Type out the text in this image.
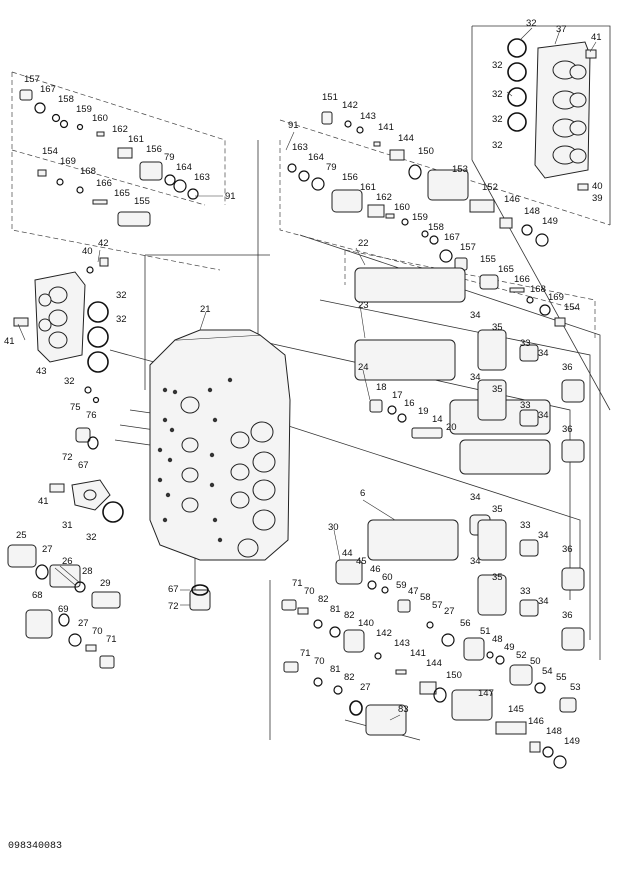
32
37
41
32
32
32
32
157
167
158
159
160
162
161
156
79
164
163
91
154
169
168
166
165
155
151
142
143
141
144
150
153
91
163
164
79
156
161
162
160
159
158
167
157
152
146
148
149
40
39
155
165
166
168
169
154
40
42
32
32
41
43
32
21
22
23
34
35
33
34
36
24
34
35
33
34
36
75
76
18
17
16
19
14
20
72
67
6	34
35
33
34
36
41
31
32
30
44
45
46
60
59
47
58
57
27
34
35
33
34
36
25
27
26
28
29
67
72
68
69
27
70
71
71
70
82
81
82
140
142
143
56
51
48
49
52
50
54
55
53
71
70
81
82
27
141
144
150
147
145
146
148
149
83
098340083
